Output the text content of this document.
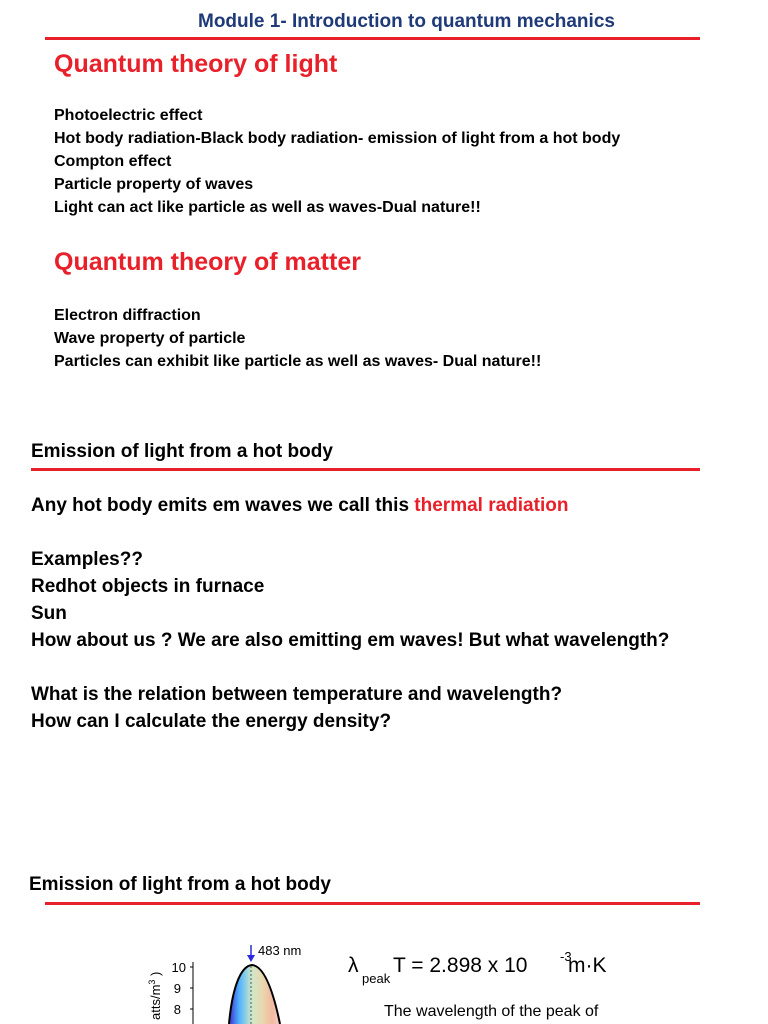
Module 1- Introduction to quantum mechanics
Quantum theory of light
Photoelectric effect
Hot body radiation-Black body radiation- emission of light from a hot body
Compton effect
Particle property of waves
Light can act like particle as well as waves-Dual nature!!
Quantum theory of matter
Electron diffraction
Wave property of particle
Particles can exhibit like particle as well as waves- Dual nature!!
Emission of light from a hot body
Any hot body emits em waves we call this thermal radiation
Examples??
Redhot objects in furnace
Sun
How about us ? We are also emitting em waves! But what wavelength?
What is the relation between temperature and wavelength?
How can I calculate the energy density?
Emission of light from a hot body
10
9
8
atts/$m^3$ )
483 nm
λ
peak
T = 2.898 x 10	-3
m·K
The wavelength of the peak of
